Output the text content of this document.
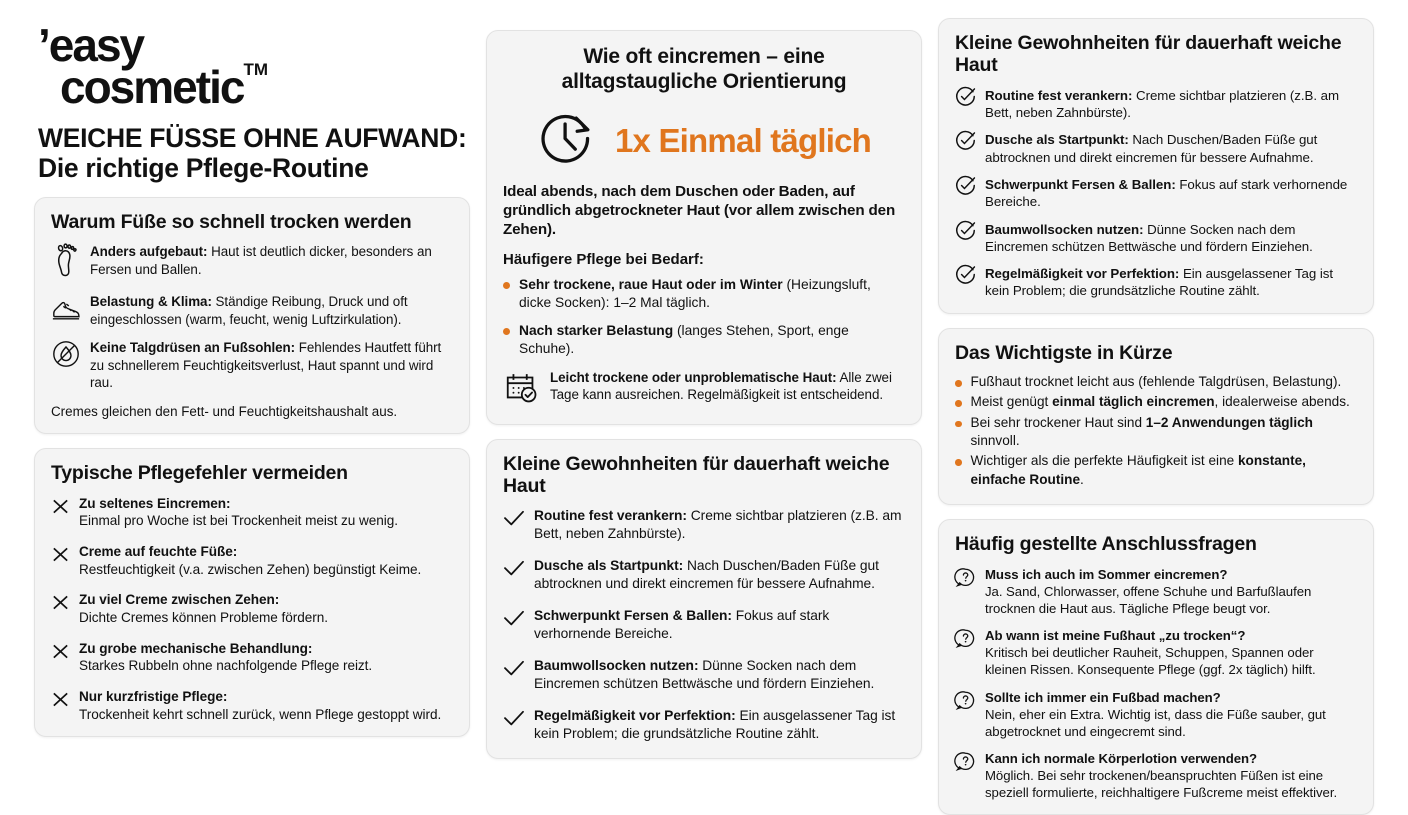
’easy
cosmetic™
WEICHE FÜSSE OHNE AUFWAND:
Die richtige Pflege-Routine
Warum Füße so schnell trocken werden
Anders aufgebaut: Haut ist deutlich dicker, besonders an Fersen und Ballen.
Belastung & Klima: Ständige Reibung, Druck und oft eingeschlossen (warm, feucht, wenig Luftzirkulation).
Keine Talgdrüsen an Fußsohlen: Fehlendes Hautfett führt zu schnellerem Feuchtigkeitsverlust, Haut spannt und wird rau.
Cremes gleichen den Fett- und Feuchtigkeitshaushalt aus.
Typische Pflegefehler vermeiden
Zu seltenes Eincremen:
Einmal pro Woche ist bei Trockenheit meist zu wenig.
Creme auf feuchte Füße:
Restfeuchtigkeit (v.a. zwischen Zehen) begünstigt Keime.
Zu viel Creme zwischen Zehen:
Dichte Cremes können Probleme fördern.
Zu grobe mechanische Behandlung:
Starkes Rubbeln ohne nachfolgende Pflege reizt.
Nur kurzfristige Pflege:
Trockenheit kehrt schnell zurück, wenn Pflege gestoppt wird.
Wie oft eincremen – eine
alltagstaugliche Orientierung
1x Einmal täglich
Ideal abends, nach dem Duschen oder Baden, auf gründlich abgetrockneter Haut (vor allem zwischen den Zehen).
Häufigere Pflege bei Bedarf:
Sehr trockene, raue Haut oder im Winter (Heizungsluft, dicke Socken): 1–2 Mal täglich.
Nach starker Belastung (langes Stehen, Sport, enge Schuhe).
Leicht trockene oder unproblematische Haut: Alle zwei Tage kann ausreichen. Regelmäßigkeit ist entscheidend.
Kleine Gewohnheiten für dauerhaft weiche Haut
Routine fest verankern: Creme sichtbar platzieren (z.B. am Bett, neben Zahnbürste).
Dusche als Startpunkt: Nach Duschen/Baden Füße gut abtrocknen und direkt eincremen für bessere Aufnahme.
Schwerpunkt Fersen & Ballen: Fokus auf stark verhornende Bereiche.
Baumwollsocken nutzen: Dünne Socken nach dem Eincremen schützen Bettwäsche und fördern Einziehen.
Regelmäßigkeit vor Perfektion: Ein ausgelassener Tag ist kein Problem; die grundsätzliche Routine zählt.
Kleine Gewohnheiten für dauerhaft weiche Haut
Routine fest verankern: Creme sichtbar platzieren (z.B. am Bett, neben Zahnbürste).
Dusche als Startpunkt: Nach Duschen/Baden Füße gut abtrocknen und direkt eincremen für bessere Aufnahme.
Schwerpunkt Fersen & Ballen: Fokus auf stark verhornende Bereiche.
Baumwollsocken nutzen: Dünne Socken nach dem Eincremen schützen Bettwäsche und fördern Einziehen.
Regelmäßigkeit vor Perfektion: Ein ausgelassener Tag ist kein Problem; die grundsätzliche Routine zählt.
Das Wichtigste in Kürze
Fußhaut trocknet leicht aus (fehlende Talgdrüsen, Belastung).
Meist genügt einmal täglich eincremen, idealerweise abends.
Bei sehr trockener Haut sind 1–2 Anwendungen täglich sinnvoll.
Wichtiger als die perfekte Häufigkeit ist eine konstante, einfache Routine.
Häufig gestellte Anschlussfragen
Muss ich auch im Sommer eincremen?
Ja. Sand, Chlorwasser, offene Schuhe und Barfußlaufen trocknen die Haut aus. Tägliche Pflege beugt vor.
Ab wann ist meine Fußhaut „zu trocken“?
Kritisch bei deutlicher Rauheit, Schuppen, Spannen oder kleinen Rissen. Konsequente Pflege (ggf. 2x täglich) hilft.
Sollte ich immer ein Fußbad machen?
Nein, eher ein Extra. Wichtig ist, dass die Füße sauber, gut abgetrocknet und eingecremt sind.
Kann ich normale Körperlotion verwenden?
Möglich. Bei sehr trockenen/beanspruchten Füßen ist eine speziell formulierte, reichhaltigere Fußcreme meist effektiver.
